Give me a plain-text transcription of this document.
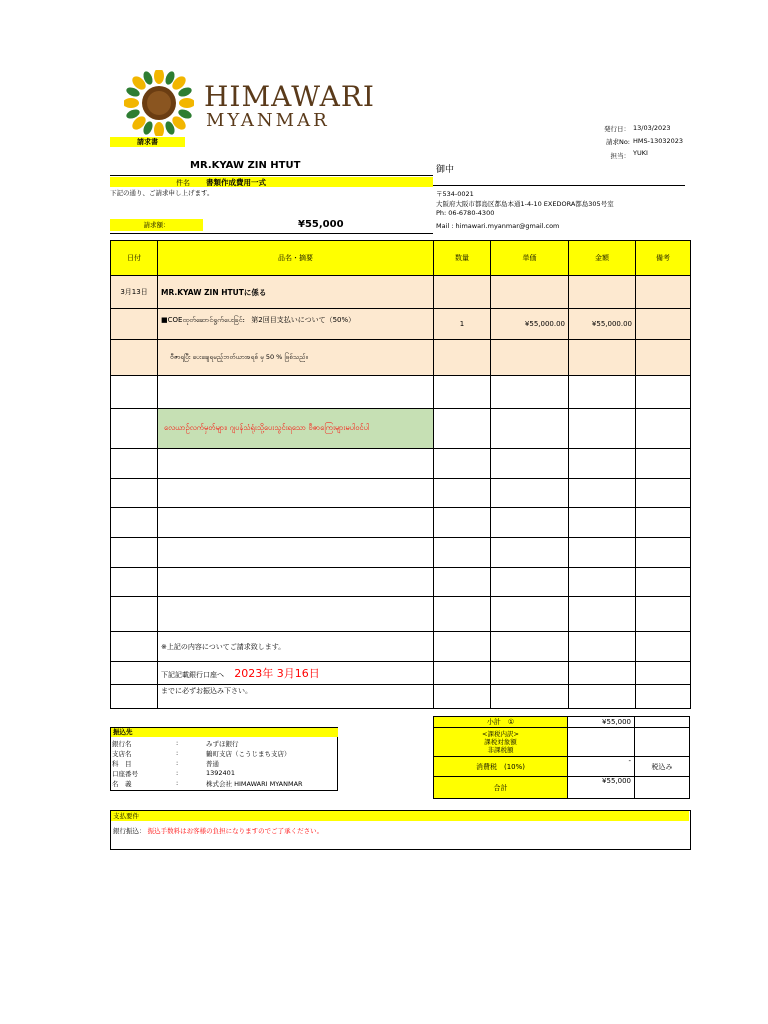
HIMAWARI
MYANMAR
請求書
発行日： 13/03/2023
請求No: HMS-13032023
担当： YUKI
MR.KYAW ZIN HTUT	御中
件名 書類作成費用一式
下記の通り、ご請求申し上げます。	〒534-0021
大阪府大阪市都島区都島本通1-4-10 EXEDORA都島305号室
Ph: 06-6780-4300
Mail : himawari.myanmar@gmail.com
請求額：	¥55,000
日付	品名・摘要	数量	単価	金額	備考
3月13日	MR.KYAW ZIN HTUTに係る				
	■COEထုတ်ဆောင်ရွက်ပေးခြင်း　第2回目支払いについて（50%）	1	¥55,000.00	¥55,000.00	
	ဗီဇာရပြီး ပေးချေရမည့်ဘတ်ယာအရစ် မှ 50 % ဖြစ်သည်။				

	လေယာဉ်လက်မှတ်များ၊ ဂျပန်သံရုံးသို့ပေးသွင်းရသော ဗီဇာကြေးများမပါဝင်ပါ				

	※上記の内容についてご請求致します。				
	下記記載銀行口座へ 2023年 3月16日				
	までに必ずお振込み下さい。				
振込先
銀行名	:	みずほ銀行
支店名	:	鶴町支店（こうじまち支店）
科　目	:	普通
口座番号	:	1392401
名　義	:	株式会社 HIMAWARI MYANMAR
小計　①	¥55,000	

<課税内訳>
課税対象額
非課税額		

消費税　(10%)	-	税込み
合計	¥55,000	
支払要件
銀行振込： 振込手数料はお客様の負担になりますのでご了承ください。
